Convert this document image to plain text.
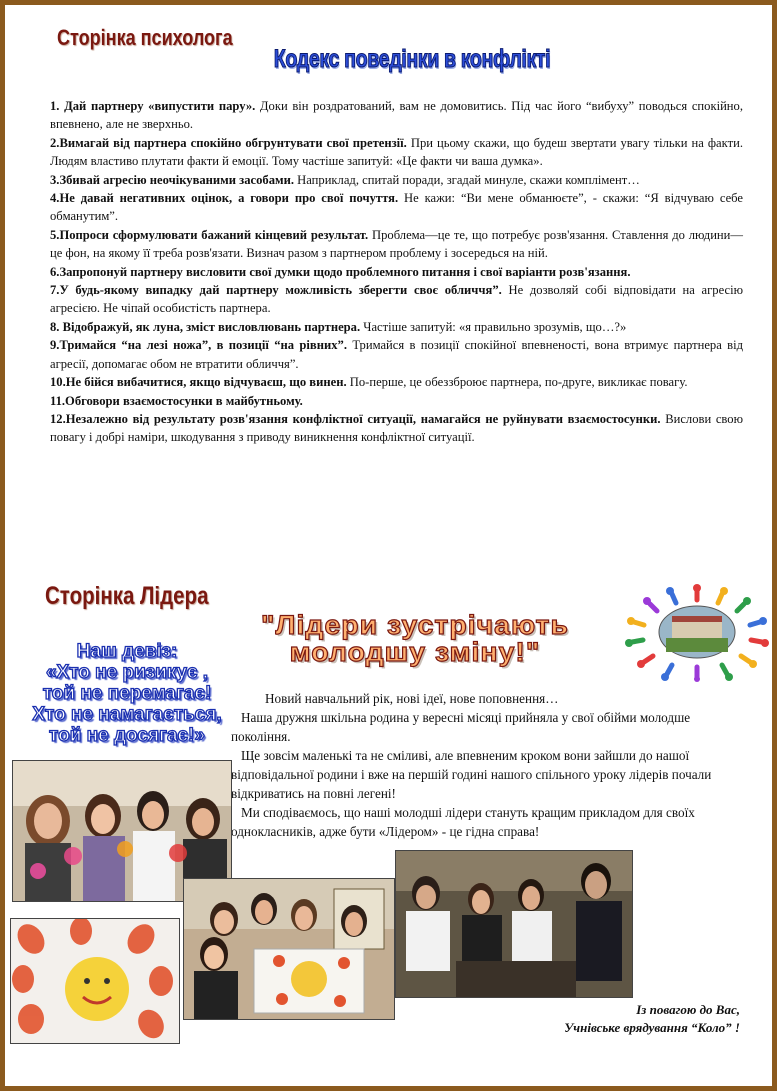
Сторінка психолога
Кодекс поведінки в конфлікті

1. Дай партнеру «випустити пару». Доки він роздратований, вам не домовитись. Під час його “вибуху” поводься спокійно, впевнено, але не зверхньо.

2.Вимагай від партнера спокійно обгрунтувати свої претензії. При цьому скажи, що будеш звертати увагу тільки на факти. Людям властиво плутати факти й емоції. Тому частіше запитуй: «Це факти чи ваша думка».

3.Збивай агресію неочікуваними засобами. Наприклад, спитай поради, згадай минуле, скажи комплімент…

4.Не давай негативних оцінок, а говори про свої почуття. Не кажи: “Ви мене обманюєте”, - скажи: “Я відчуваю себе обманутим”.

5.Попроси сформулювати бажаний кінцевий результат. Проблема—це те, що потребує розв'язання. Ставлення до людини—це фон, на якому її треба розв'язати. Визнач разом з партнером проблему і зосередься на ній.

6.Запропонуй партнеру висловити свої думки щодо проблемного питання і свої варіанти розв'язання.

7.У будь-якому випадку дай партнеру можливість зберегти своє обличчя”. Не дозволяй собі відповідати на агресію агресією. Не чіпай особистість партнера.

8. Відображуй, як луна, зміст висловлювань партнера. Частіше запитуй: «я правильно зрозумів, що…?»

9.Тримайся “на лезі ножа”, в позиції “на рівних”. Тримайся в позиції спокійної впевненості, вона втримує партнера від агресії, допомагає обом не втратити обличчя”.

10.Не бійся вибачитися, якщо відчуваєш, що винен. По-перше, це обеззброює партнера, по-друге, викликає повагу.

11.Обговори взаємостосунки в майбутньому.

12.Незалежно від результату розв'язання конфліктної ситуації, намагайся не руйнувати взаємостосунки. Вислови свою повагу і добрі наміри, шкодування з приводу виникнення конфліктної ситуації.

Сторінка Лідера
"Лідери зустрічають
молодшу зміну!"
Наш девіз:
«Хто не ризикує ,
той не перемагає!
Хто не намагається,
той не досягає!»

Новий навчальний рік, нові ідеї, нове поповнення…

Наша дружня шкільна родина у вересні місяці прийняла у свої обійми молодше покоління.

Ще зовсім маленькі та не сміливі, але впевненим кроком вони зайшли до нашої відповідальної родини і вже на першій годині нашого спільного уроку лідерів почали відкриватись на повні легені!

Ми сподіваємось, що наші молодші лідери стануть кращим прикладом для своїх однокласників, адже бути «Лідером» - це гідна справа!

Із повагою до Вас,
Учнівське врядування “Коло” !
